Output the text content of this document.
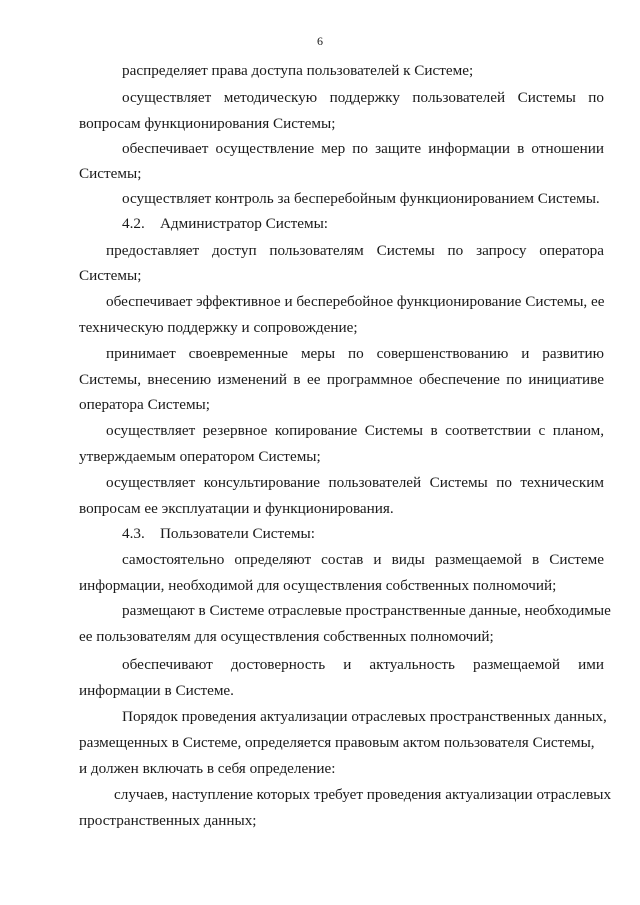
6

распределяет права доступа пользователей к Системе;

осуществляет методическую поддержку пользователей Системы по

вопросам функционирования Системы;

обеспечивает осуществление мер по защите информации в отношении

Системы;

осуществляет контроль за бесперебойным функционированием Системы.

4.2. Администратор Системы:

предоставляет доступ пользователям Системы по запросу оператора

Системы;

обеспечивает эффективное и бесперебойное функционирование Системы, ее

техническую поддержку и сопровождение;

принимает своевременные меры по совершенствованию и развитию

Системы, внесению изменений в ее программное обеспечение по инициативе

оператора Системы;

осуществляет резервное копирование Системы в соответствии с планом,

утверждаемым оператором Системы;

осуществляет консультирование пользователей Системы по техническим

вопросам ее эксплуатации и функционирования.

4.3. Пользователи Системы:

самостоятельно определяют состав и виды размещаемой в Системе

информации, необходимой для осуществления собственных полномочий;

размещают в Системе отраслевые пространственные данные, необходимые

ее пользователям для осуществления собственных полномочий;

обеспечивают достоверность и актуальность размещаемой ими

информации в Системе.

Порядок проведения актуализации отраслевых пространственных данных,

размещенных в Системе, определяется правовым актом пользователя Системы,

и должен включать в себя определение:

случаев, наступление которых требует проведения актуализации отраслевых

пространственных данных;
